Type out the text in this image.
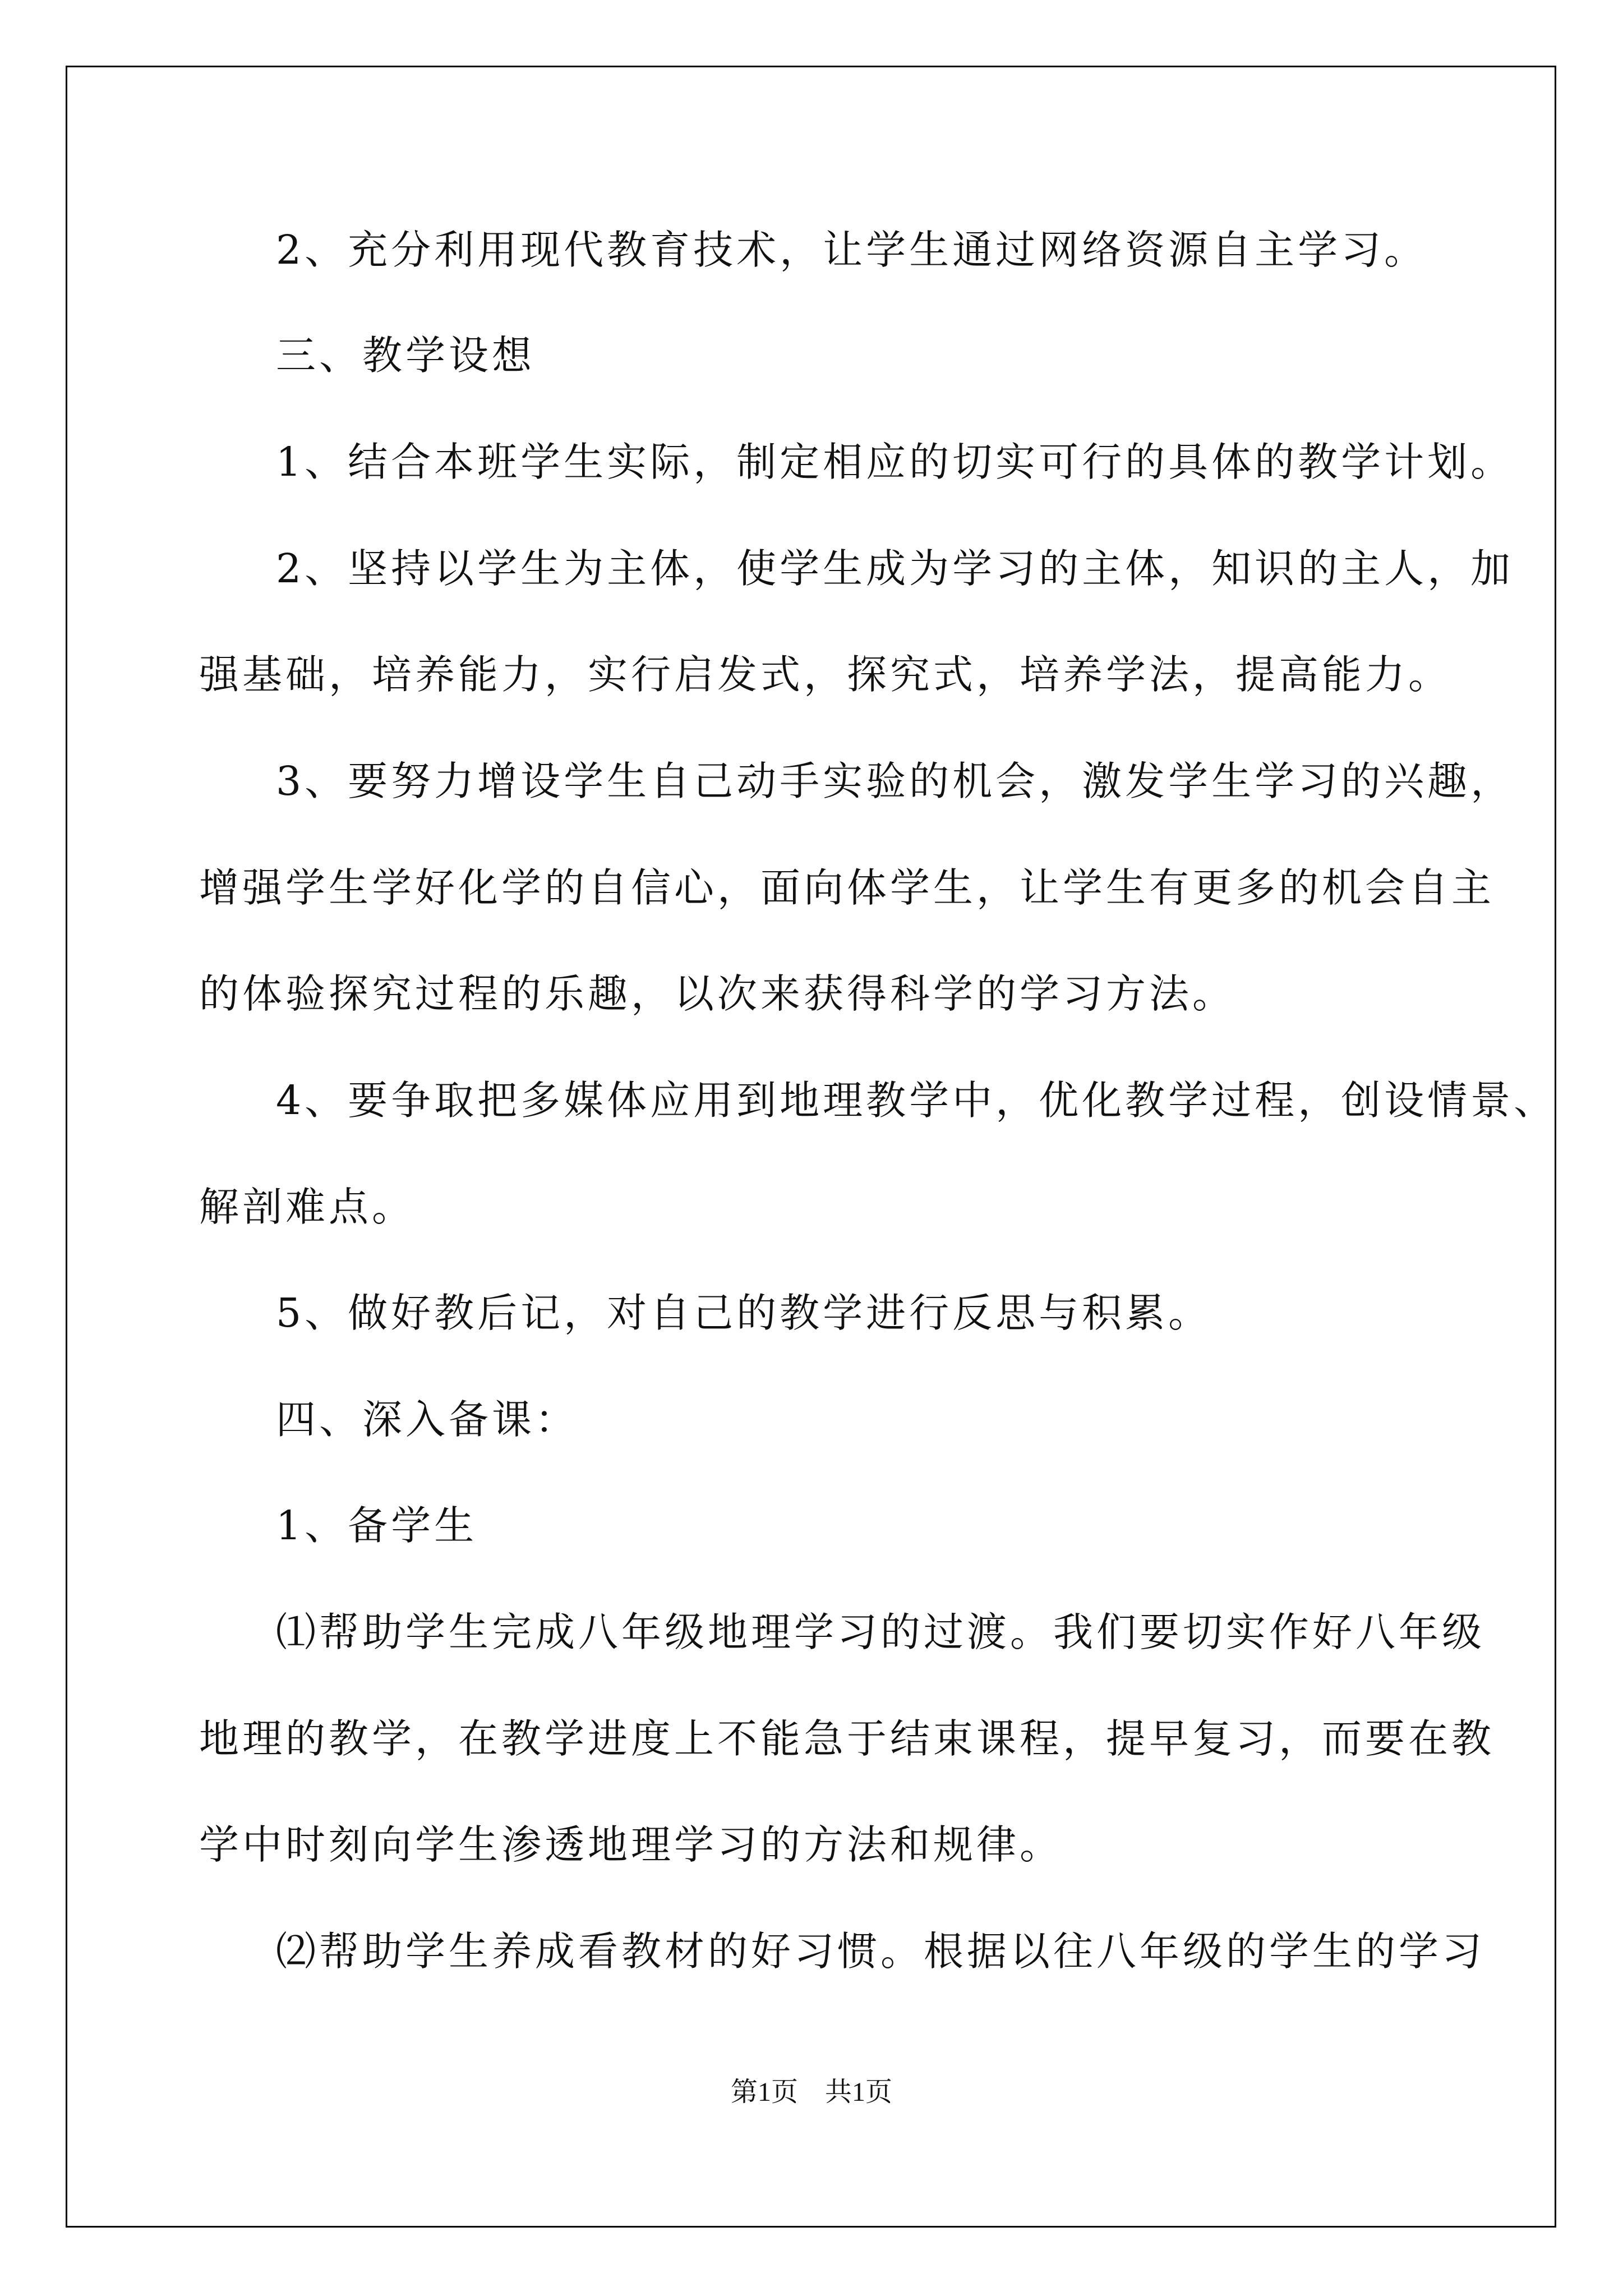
2、充分利用现代教育技术，让学生通过网络资源自主学习。

三、教学设想

1、结合本班学生实际，制定相应的切实可行的具体的教学计划。

2、坚持以学生为主体，使学生成为学习的主体，知识的主人，加

强基础，培养能力，实行启发式，探究式，培养学法，提高能力。

3、要努力增设学生自己动手实验的机会，激发学生学习的兴趣，

增强学生学好化学的自信心，面向体学生，让学生有更多的机会自主

的体验探究过程的乐趣，以次来获得科学的学习方法。

4、要争取把多媒体应用到地理教学中，优化教学过程，创设情景、

解剖难点。

5、做好教后记，对自己的教学进行反思与积累。

四、深入备课：

1、备学生

⑴帮助学生完成八年级地理学习的过渡。我们要切实作好八年级

地理的教学，在教学进度上不能急于结束课程，提早复习，而要在教

学中时刻向学生渗透地理学习的方法和规律。

⑵帮助学生养成看教材的好习惯。根据以往八年级的学生的学习

第1页　共1页
